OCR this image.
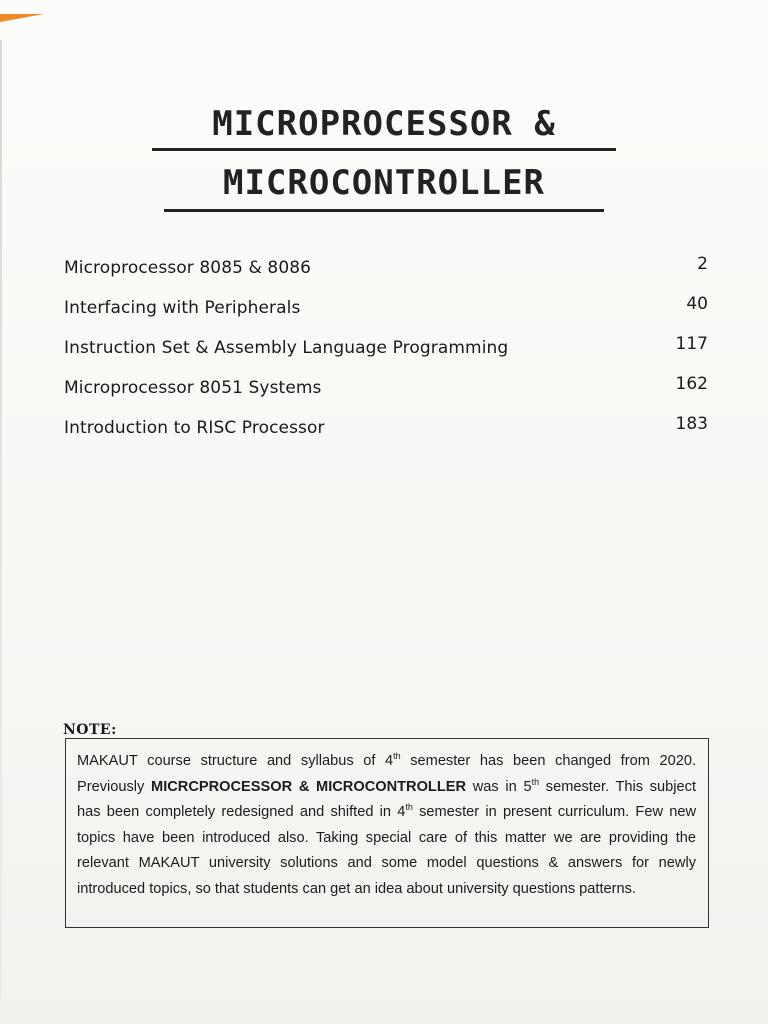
MICROPROCESSOR &
MICROCONTROLLER
Microprocessor 8085 & 8086	2
Interfacing with Peripherals	40
Instruction Set & Assembly Language Programming	117
Microprocessor 8051 Systems	162
Introduction to RISC Processor	183
NOTE:
MAKAUT course structure and syllabus of 4th semester has been changed from 2020. Previously MICRCPROCESSOR & MICROCONTROLLER was in 5th semester. This subject has been completely redesigned and shifted in 4th semester in present curriculum. Few new topics have been introduced also. Taking special care of this matter we are providing the relevant MAKAUT university solutions and some model questions & answers for newly introduced topics, so that students can get an idea about university questions patterns.
